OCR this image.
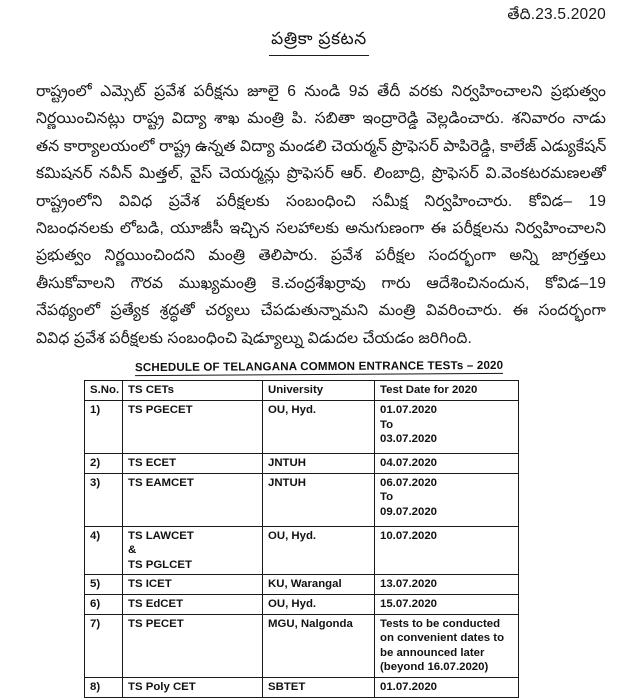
తేది.23.5.2020
పత్రికా ప్రకటన
రాష్ట్రంలో ఎమ్సెట్ ప్రవేశ పరీక్షను జూలై 6 నుండి 9వ తేదీ వరకు నిర్వహించాలని ప్రభుత్వం
నిర్ణయించినట్లు రాష్ట్ర విద్యా శాఖ మంత్రి పి. సబితా ఇంద్రారెడ్డి వెల్లడించారు. శనివారం నాడు
తన కార్యాలయంలో రాష్ట్ర ఉన్నత విద్యా మండలి చెయర్మన్ ప్రొఫెసర్ పాపిరెడ్డి, కాలేజ్ ఎడ్యుకేషన్
కమిషనర్ నవీన్ మిత్తల్, వైస్ చెయర్మన్లు ప్రొఫెసర్ ఆర్. లింబాద్రి, ప్రొఫెసర్ వి.వెంకటరమణలతో
రాష్ట్రంలోని వివిధ ప్రవేశ పరీక్షలకు సంబంధించి సమీక్ష నిర్వహించారు. కోవిడ– 19
నిబంధనలకు లోబడి, యూజీసీ ఇచ్చిన సలహాలకు అనుగుణంగా ఈ పరీక్షలను నిర్వహించాలని
ప్రభుత్వం నిర్ణయించిందని మంత్రి తెలిపారు. ప్రవేశ పరీక్షల సందర్భంగా అన్ని జాగ్రత్తలు
తీసుకోవాలని గౌరవ ముఖ్యమంత్రి కె.చంద్రశేఖర్రావు గారు ఆదేశించినందున, కోవిడ–19
నేపథ్యంలో ప్రత్యేక శ్రద్ధతో చర్యలు చేపడుతున్నామని మంత్రి వివరించారు. ఈ సందర్భంగా
వివిధ ప్రవేశ పరీక్షలకు సంబంధించి షెడ్యూల్ను విడుదల చేయడం జరిగింది.
SCHEDULE OF TELANGANA COMMON ENTRANCE TESTs – 2020
S.No.	TS CETs	University	Test Date for 2020
1)	TS PGECET	OU, Hyd.	01.07.2020
To
03.07.2020

2)	TS ECET	JNTUH	04.07.2020

3)	TS EAMCET	JNTUH	06.07.2020
To
09.07.2020

4)	TS LAWCET
&
TS PGLCET	OU, Hyd.	10.07.2020

5)	TS ICET	KU, Warangal	13.07.2020

6)	TS EdCET	OU, Hyd.	15.07.2020

7)	TS PECET	MGU, Nalgonda	Tests to be conducted
on convenient dates to
be announced later
(beyond 16.07.2020)

8)	TS Poly CET	SBTET	01.07.2020
